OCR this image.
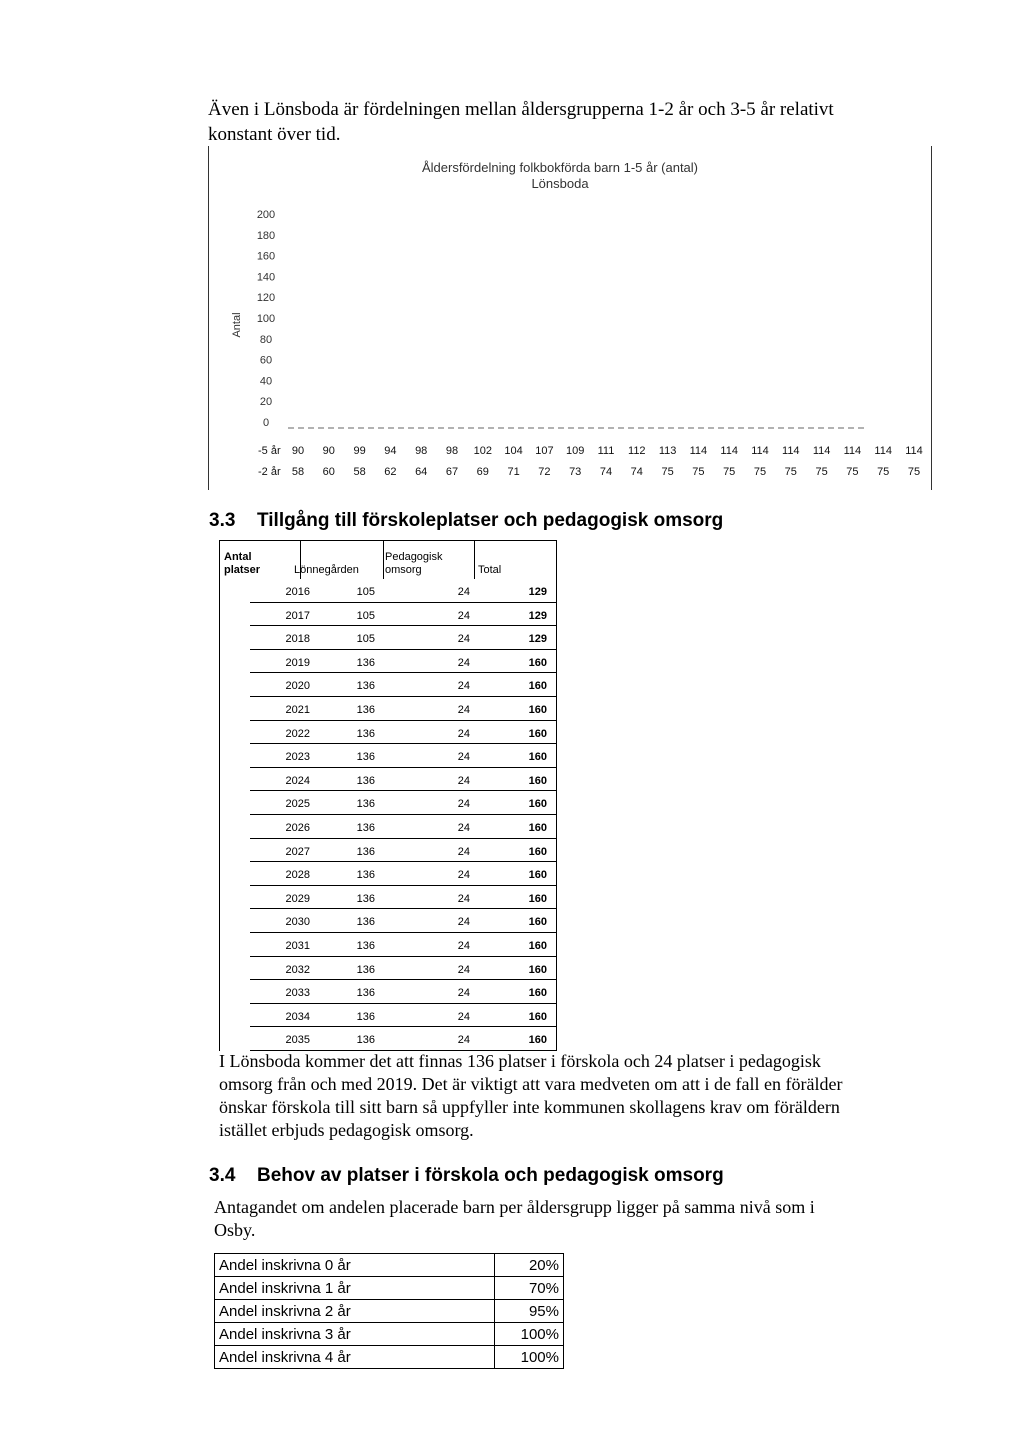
Även i Lönsboda är fördelningen mellan åldersgrupperna 1-2 år och 3-5 år relativt konstant över tid.

Åldersfördelning folkbokförda barn 1-5 år (antal)
Lönsboda
200
180
160
140
120
100
80
60
40
20
0
Antal
-5 år 90 90 99 94 98 98 102 104 107 109 111 112 113 114 114 114 114 114 114 114 114
-2 år 58 60 58 62 64 67 69 71 72 73 74 74 75 75 75 75 75 75 75 75 75
3.3 Tillgång till förskoleplatser och pedagogisk omsorg
Antal
platser	Lönnegården
Pedagogisk
omsorg	Total
2016	105	24	129
2017	105	24	129
2018	105	24	129
2019	136	24	160
2020	136	24	160
2021	136	24	160
2022	136	24	160
2023	136	24	160
2024	136	24	160
2025	136	24	160
2026	136	24	160
2027	136	24	160
2028	136	24	160
2029	136	24	160
2030	136	24	160
2031	136	24	160
2032	136	24	160
2033	136	24	160
2034	136	24	160
2035	136	24	160

I Lönsboda kommer det att finnas 136 platser i förskola och 24 platser i pedagogisk omsorg från och med 2019. Det är viktigt att vara medveten om att i de fall en förälder önskar förskola till sitt barn så uppfyller inte kommunen skollagens krav om föräldern istället erbjuds pedagogisk omsorg.

3.4 Behov av platser i förskola och pedagogisk omsorg

Antagandet om andelen placerade barn per åldersgrupp ligger på samma nivå som i Osby.

Andel inskrivna 0 år	20%
Andel inskrivna 1 år	70%
Andel inskrivna 2 år	95%
Andel inskrivna 3 år	100%
Andel inskrivna 4 år	100%
